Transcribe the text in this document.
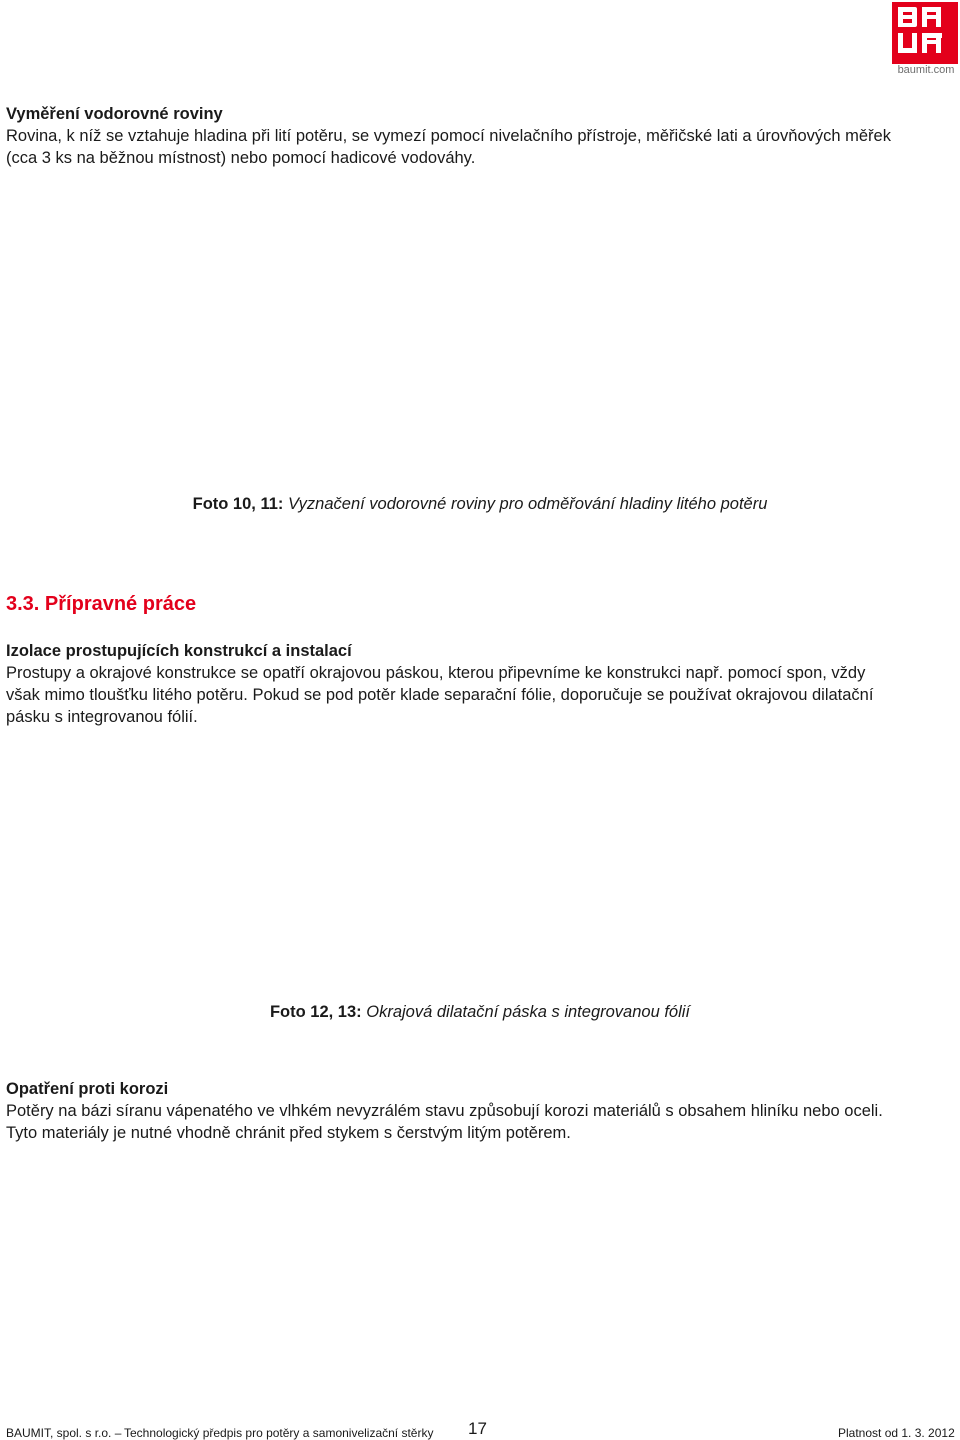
baumit.com
Vyměření vodorovné roviny
Rovina, k níž se vztahuje hladina při lití potěru, se vymezí pomocí nivelačního přístroje, měřičské lati a úrovňových měřek
(cca 3 ks na běžnou místnost) nebo pomocí hadicové vodováhy.
Foto 10, 11: Vyznačení vodorovné roviny pro odměřování hladiny litého potěru
3.3. Přípravné práce
Izolace prostupujících konstrukcí a instalací
Prostupy a okrajové konstrukce se opatří okrajovou páskou, kterou připevníme ke konstrukci např. pomocí spon, vždy
však mimo tloušťku litého potěru. Pokud se pod potěr klade separační fólie, doporučuje se používat okrajovou dilatační
pásku s integrovanou fólií.
Foto 12, 13: Okrajová dilatační páska s integrovanou fólií
Opatření proti korozi
Potěry na bázi síranu vápenatého ve vlhkém nevyzrálém stavu způsobují korozi materiálů s obsahem hliníku nebo oceli.
Tyto materiály je nutné vhodně chránit před stykem s čerstvým litým potěrem.
BAUMIT, spol. s r.o. – Technologický předpis pro potěry a samonivelizační stěrky 17	Platnost od 1. 3. 2012
